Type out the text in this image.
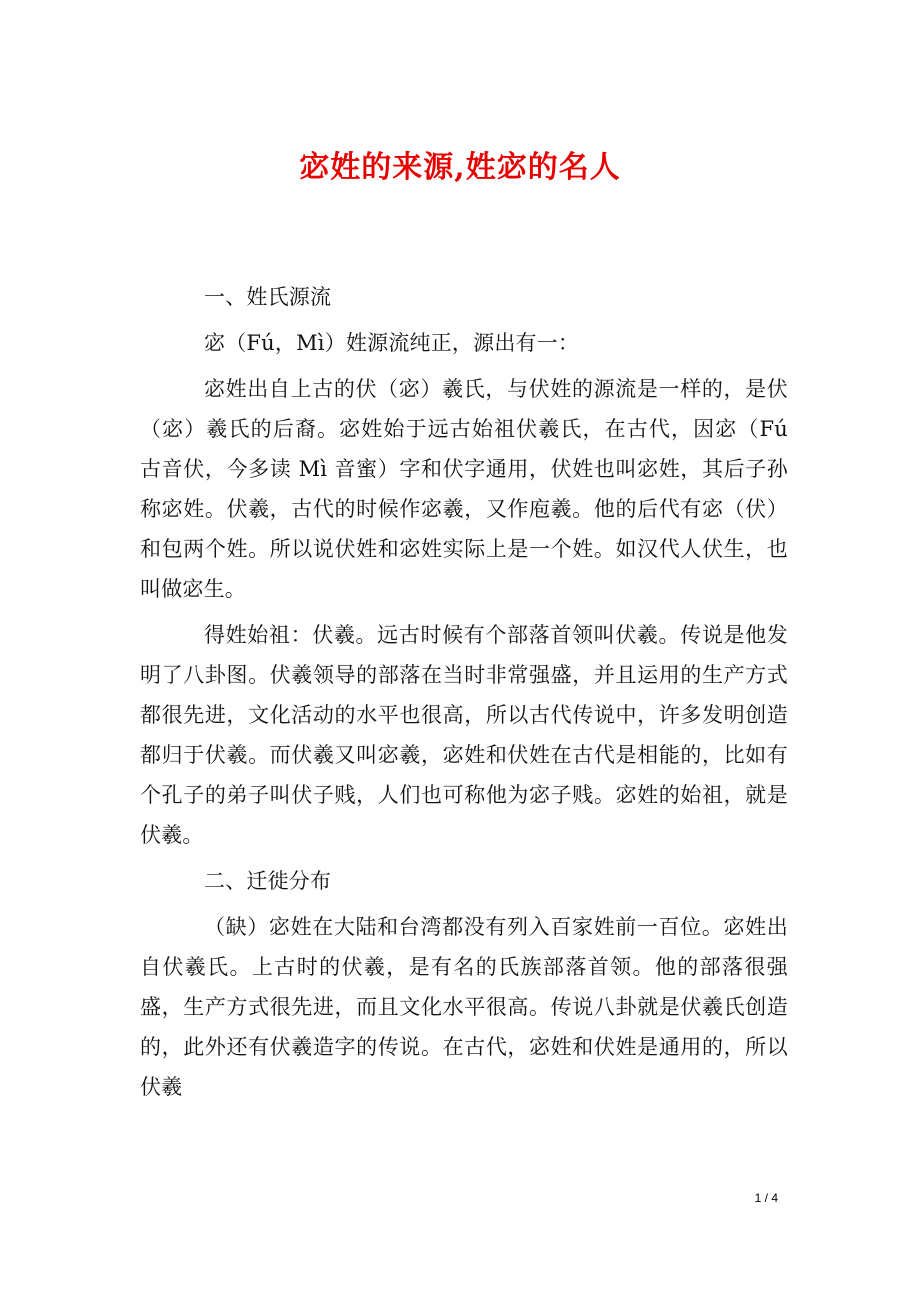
宓姓的来源,姓宓的名人

一、姓氏源流

宓（Fú，Mì）姓源流纯正，源出有一：

宓姓出自上古的伏（宓）羲氏，与伏姓的源流是一样的，是伏（宓）羲氏的后裔。宓姓始于远古始祖伏羲氏，在古代，因宓（Fú 古音伏，今多读 Mì 音蜜）字和伏字通用，伏姓也叫宓姓，其后子孙称宓姓。伏羲，古代的时候作宓羲，又作庖羲。他的后代有宓（伏）和包两个姓。所以说伏姓和宓姓实际上是一个姓。如汉代人伏生，也叫做宓生。

得姓始祖：伏羲。远古时候有个部落首领叫伏羲。传说是他发明了八卦图。伏羲领导的部落在当时非常强盛，并且运用的生产方式都很先进，文化活动的水平也很高，所以古代传说中，许多发明创造都归于伏羲。而伏羲又叫宓羲，宓姓和伏姓在古代是相能的，比如有个孔子的弟子叫伏子贱，人们也可称他为宓子贱。宓姓的始祖，就是伏羲。

二、迁徙分布

（缺）宓姓在大陆和台湾都没有列入百家姓前一百位。宓姓出自伏羲氏。上古时的伏羲，是有名的氏族部落首领。他的部落很强盛，生产方式很先进，而且文化水平很高。传说八卦就是伏羲氏创造的，此外还有伏羲造字的传说。在古代，宓姓和伏姓是通用的，所以伏羲

1 / 4
